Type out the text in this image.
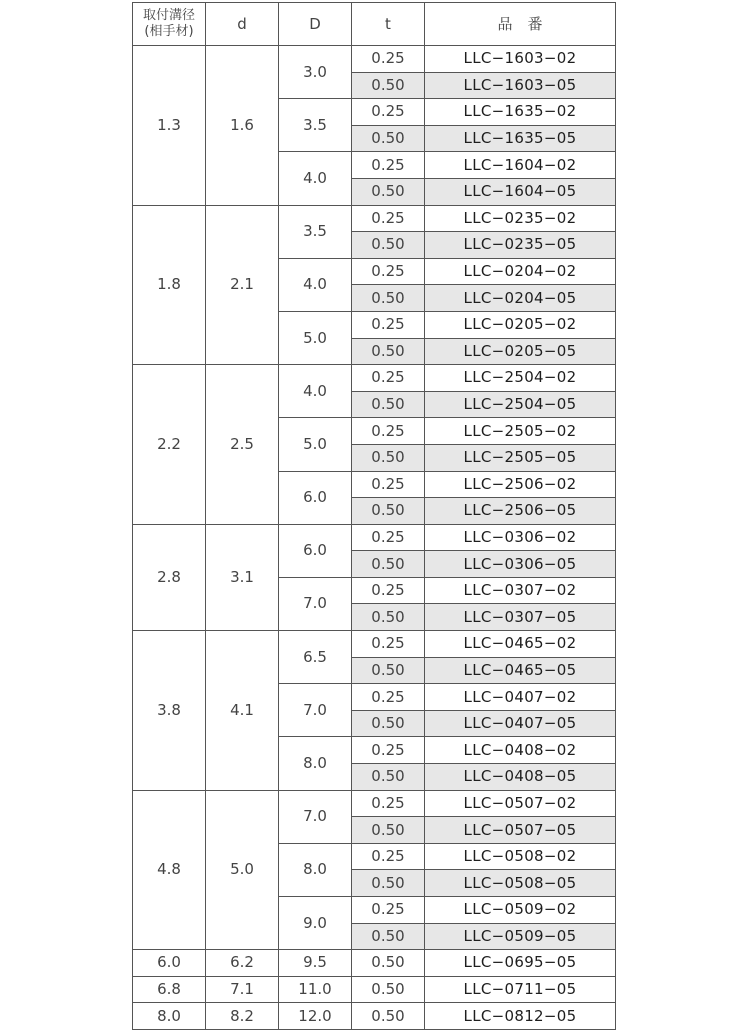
取付溝径
(相手材)	d	D	t	品　番
1.3	1.6	3.0	0.25	LLC−1603−02
			0.50	LLC−1603−05
		3.5	0.25	LLC−1635−02
			0.50	LLC−1635−05
		4.0	0.25	LLC−1604−02
			0.50	LLC−1604−05
1.8	2.1	3.5	0.25	LLC−0235−02
			0.50	LLC−0235−05
		4.0	0.25	LLC−0204−02
			0.50	LLC−0204−05
		5.0	0.25	LLC−0205−02
			0.50	LLC−0205−05
2.2	2.5	4.0	0.25	LLC−2504−02
			0.50	LLC−2504−05
		5.0	0.25	LLC−2505−02
			0.50	LLC−2505−05
		6.0	0.25	LLC−2506−02
			0.50	LLC−2506−05
2.8	3.1	6.0	0.25	LLC−0306−02
			0.50	LLC−0306−05
		7.0	0.25	LLC−0307−02
			0.50	LLC−0307−05
3.8	4.1	6.5	0.25	LLC−0465−02
			0.50	LLC−0465−05
		7.0	0.25	LLC−0407−02
			0.50	LLC−0407−05
		8.0	0.25	LLC−0408−02
			0.50	LLC−0408−05
4.8	5.0	7.0	0.25	LLC−0507−02
			0.50	LLC−0507−05
		8.0	0.25	LLC−0508−02
			0.50	LLC−0508−05
		9.0	0.25	LLC−0509−02
			0.50	LLC−0509−05
6.0	6.2	9.5	0.50	LLC−0695−05
6.8	7.1	11.0	0.50	LLC−0711−05
8.0	8.2	12.0	0.50	LLC−0812−05
